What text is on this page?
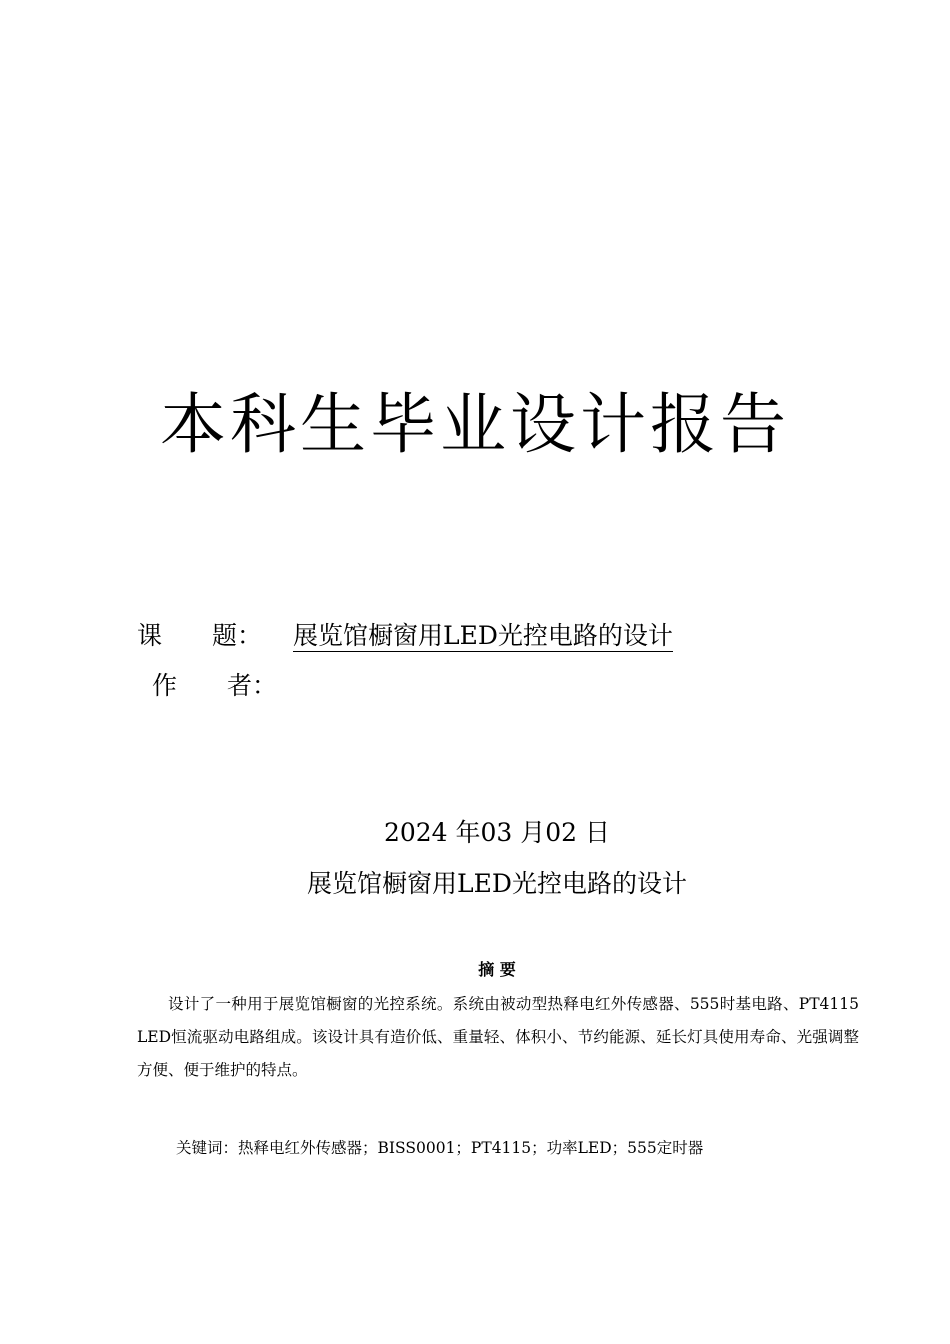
本科生毕业设计报告
课　　题： 展览馆橱窗用LED光控电路的设计
作　　者：
2024 年03 月02 日
展览馆橱窗用LED光控电路的设计
摘 要

设计了一种用于展览馆橱窗的光控系统。系统由被动型热释电红外传感器、555时基电路、PT4115 LED恒流驱动电路组成。该设计具有造价低、重量轻、体积小、节约能源、延长灯具使用寿命、光强调整方便、便于维护的特点。

关键词：热释电红外传感器；BISS0001；PT4115；功率LED；555定时器
